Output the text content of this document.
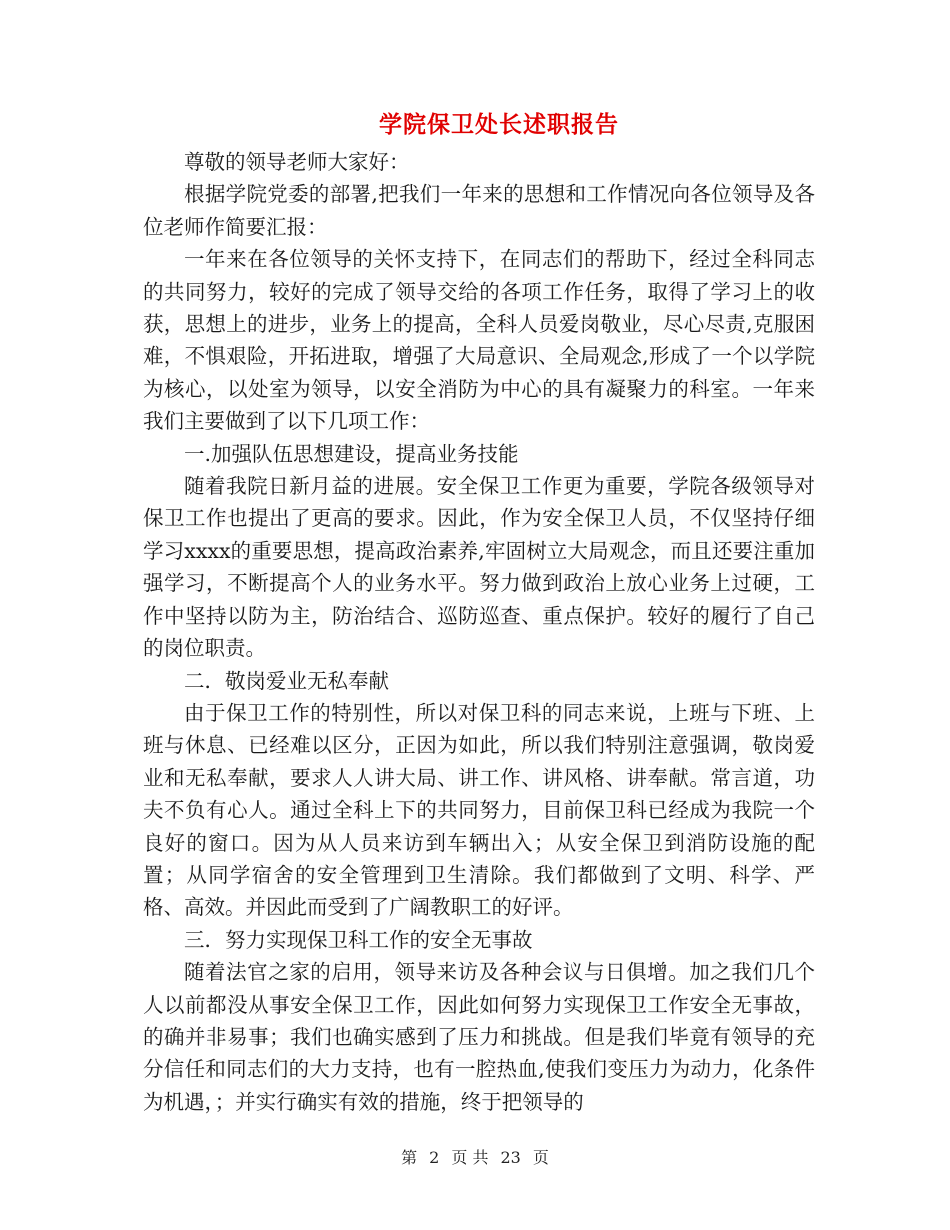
学院保卫处长述职报告

尊敬的领导老师大家好：

根据学院党委的部署,把我们一年来的思想和工作情况向各位领导及各位老师作简要汇报：

一年来在各位领导的关怀支持下，在同志们的帮助下，经过全科同志的共同努力，较好的完成了领导交给的各项工作任务，取得了学习上的收获，思想上的进步，业务上的提高，全科人员爱岗敬业，尽心尽责,克服困难，不惧艰险，开拓进取，增强了大局意识、全局观念,形成了一个以学院为核心，以处室为领导，以安全消防为中心的具有凝聚力的科室。一年来我们主要做到了以下几项工作：

一.加强队伍思想建设，提高业务技能

随着我院日新月益的进展。安全保卫工作更为重要，学院各级领导对保卫工作也提出了更高的要求。因此，作为安全保卫人员，不仅坚持仔细学习xxxx的重要思想，提高政治素养,牢固树立大局观念，而且还要注重加强学习，不断提高个人的业务水平。努力做到政治上放心业务上过硬，工作中坚持以防为主，防治结合、巡防巡查、重点保护。较好的履行了自己的岗位职责。

二．敬岗爱业无私奉献

由于保卫工作的特别性，所以对保卫科的同志来说，上班与下班、上班与休息、已经难以区分，正因为如此，所以我们特别注意强调，敬岗爱业和无私奉献，要求人人讲大局、讲工作、讲风格、讲奉献。常言道，功夫不负有心人。通过全科上下的共同努力，目前保卫科已经成为我院一个良好的窗口。因为从人员来访到车辆出入；从安全保卫到消防设施的配置；从同学宿舍的安全管理到卫生清除。我们都做到了文明、科学、严格、高效。并因此而受到了广阔教职工的好评。

三．努力实现保卫科工作的安全无事故

随着法官之家的启用，领导来访及各种会议与日俱增。加之我们几个人以前都没从事安全保卫工作，因此如何努力实现保卫工作安全无事故，的确并非易事；我们也确实感到了压力和挑战。但是我们毕竟有领导的充分信任和同志们的大力支持，也有一腔热血,使我们变压力为动力，化条件为机遇，；并实行确实有效的措施，终于把领导的

第 2 页 共 23 页
